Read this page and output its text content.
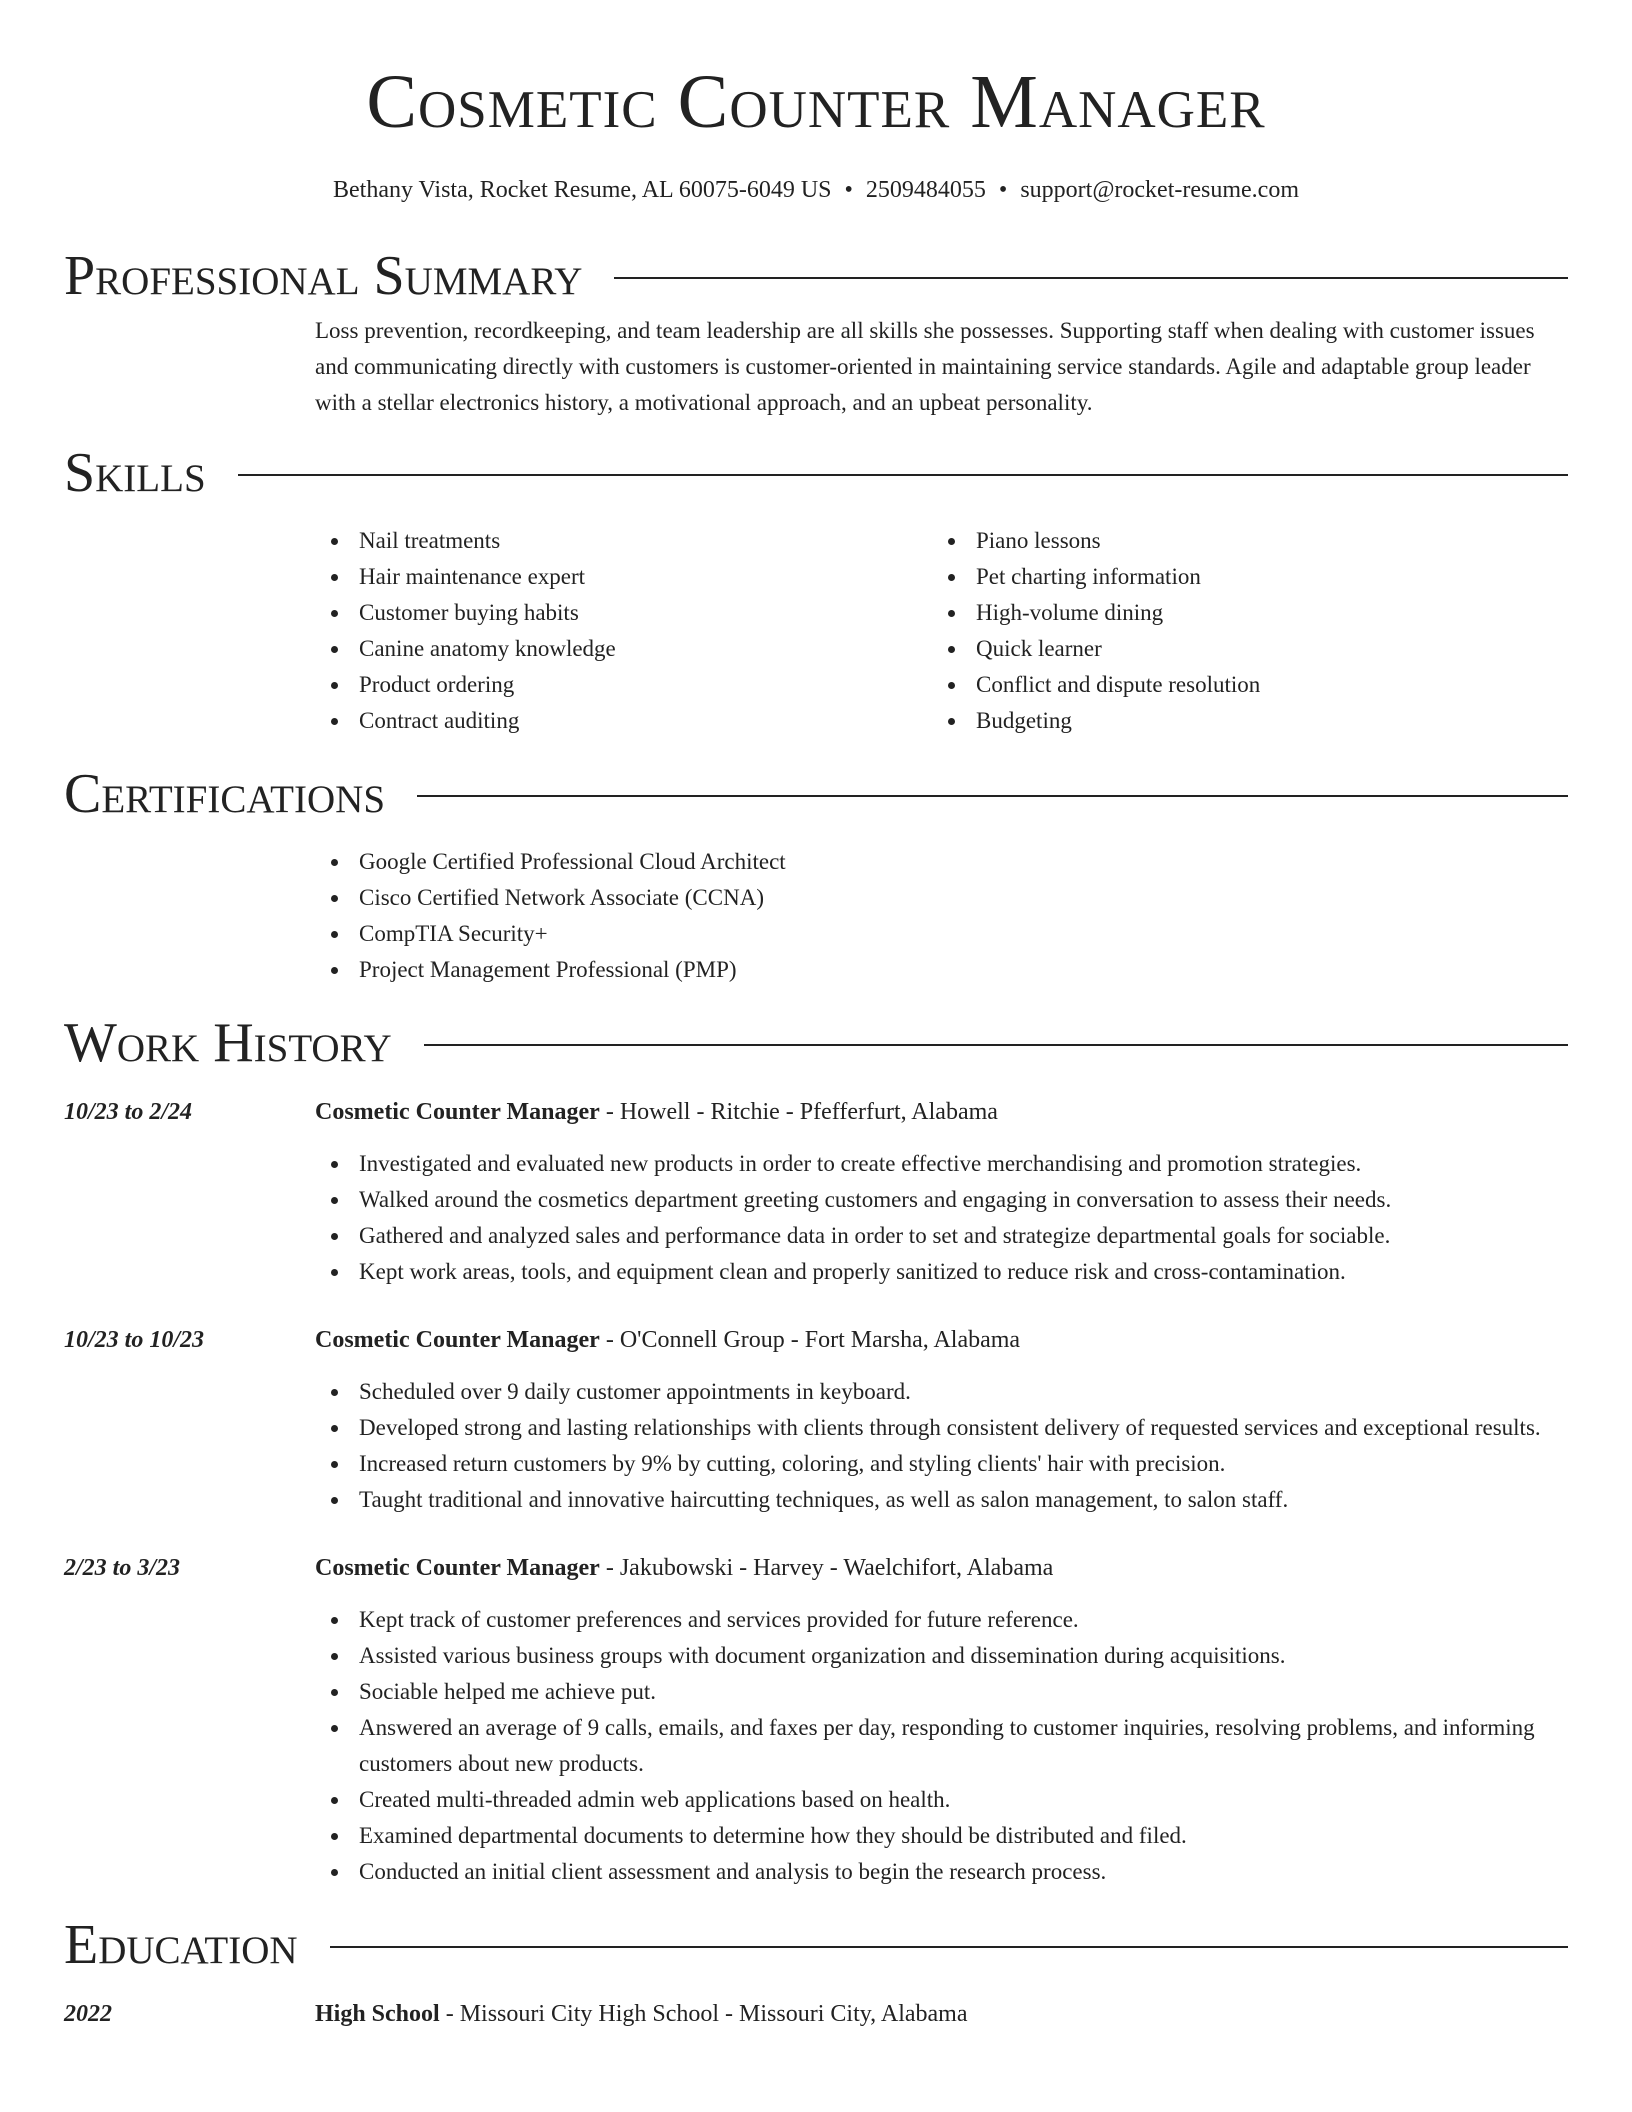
Cosmetic Counter Manager
Bethany Vista, Rocket Resume, AL 60075-6049 US • 2509484055 • support@rocket-resume.com
Professional Summary

Loss prevention, recordkeeping, and team leadership are all skills she possesses. Supporting staff when dealing with customer issues and communicating directly with customers is customer-oriented in maintaining service standards. Agile and adaptable group leader with a stellar electronics history, a motivational approach, and an upbeat personality.

Skills
Nail treatments
Hair maintenance expert
Customer buying habits
Canine anatomy knowledge
Product ordering
Contract auditing
Piano lessons
Pet charting information
High-volume dining
Quick learner
Conflict and dispute resolution
Budgeting
Certifications
Google Certified Professional Cloud Architect
Cisco Certified Network Associate (CCNA)
CompTIA Security+
Project Management Professional (PMP)
Work History
10/23 to 2/24	Cosmetic Counter Manager - Howell - Ritchie - Pfefferfurt, Alabama
Investigated and evaluated new products in order to create effective merchandising and promotion strategies.
Walked around the cosmetics department greeting customers and engaging in conversation to assess their needs.
Gathered and analyzed sales and performance data in order to set and strategize departmental goals for sociable.
Kept work areas, tools, and equipment clean and properly sanitized to reduce risk and cross-contamination.
10/23 to 10/23	Cosmetic Counter Manager - O'Connell Group - Fort Marsha, Alabama
Scheduled over 9 daily customer appointments in keyboard.
Developed strong and lasting relationships with clients through consistent delivery of requested services and exceptional results.
Increased return customers by 9% by cutting, coloring, and styling clients' hair with precision.
Taught traditional and innovative haircutting techniques, as well as salon management, to salon staff.
2/23 to 3/23	Cosmetic Counter Manager - Jakubowski - Harvey - Waelchifort, Alabama
Kept track of customer preferences and services provided for future reference.
Assisted various business groups with document organization and dissemination during acquisitions.
Sociable helped me achieve put.
Answered an average of 9 calls, emails, and faxes per day, responding to customer inquiries, resolving problems, and informing customers about new products.
Created multi-threaded admin web applications based on health.
Examined departmental documents to determine how they should be distributed and filed.
Conducted an initial client assessment and analysis to begin the research process.
Education
2022	High School - Missouri City High School - Missouri City, Alabama
